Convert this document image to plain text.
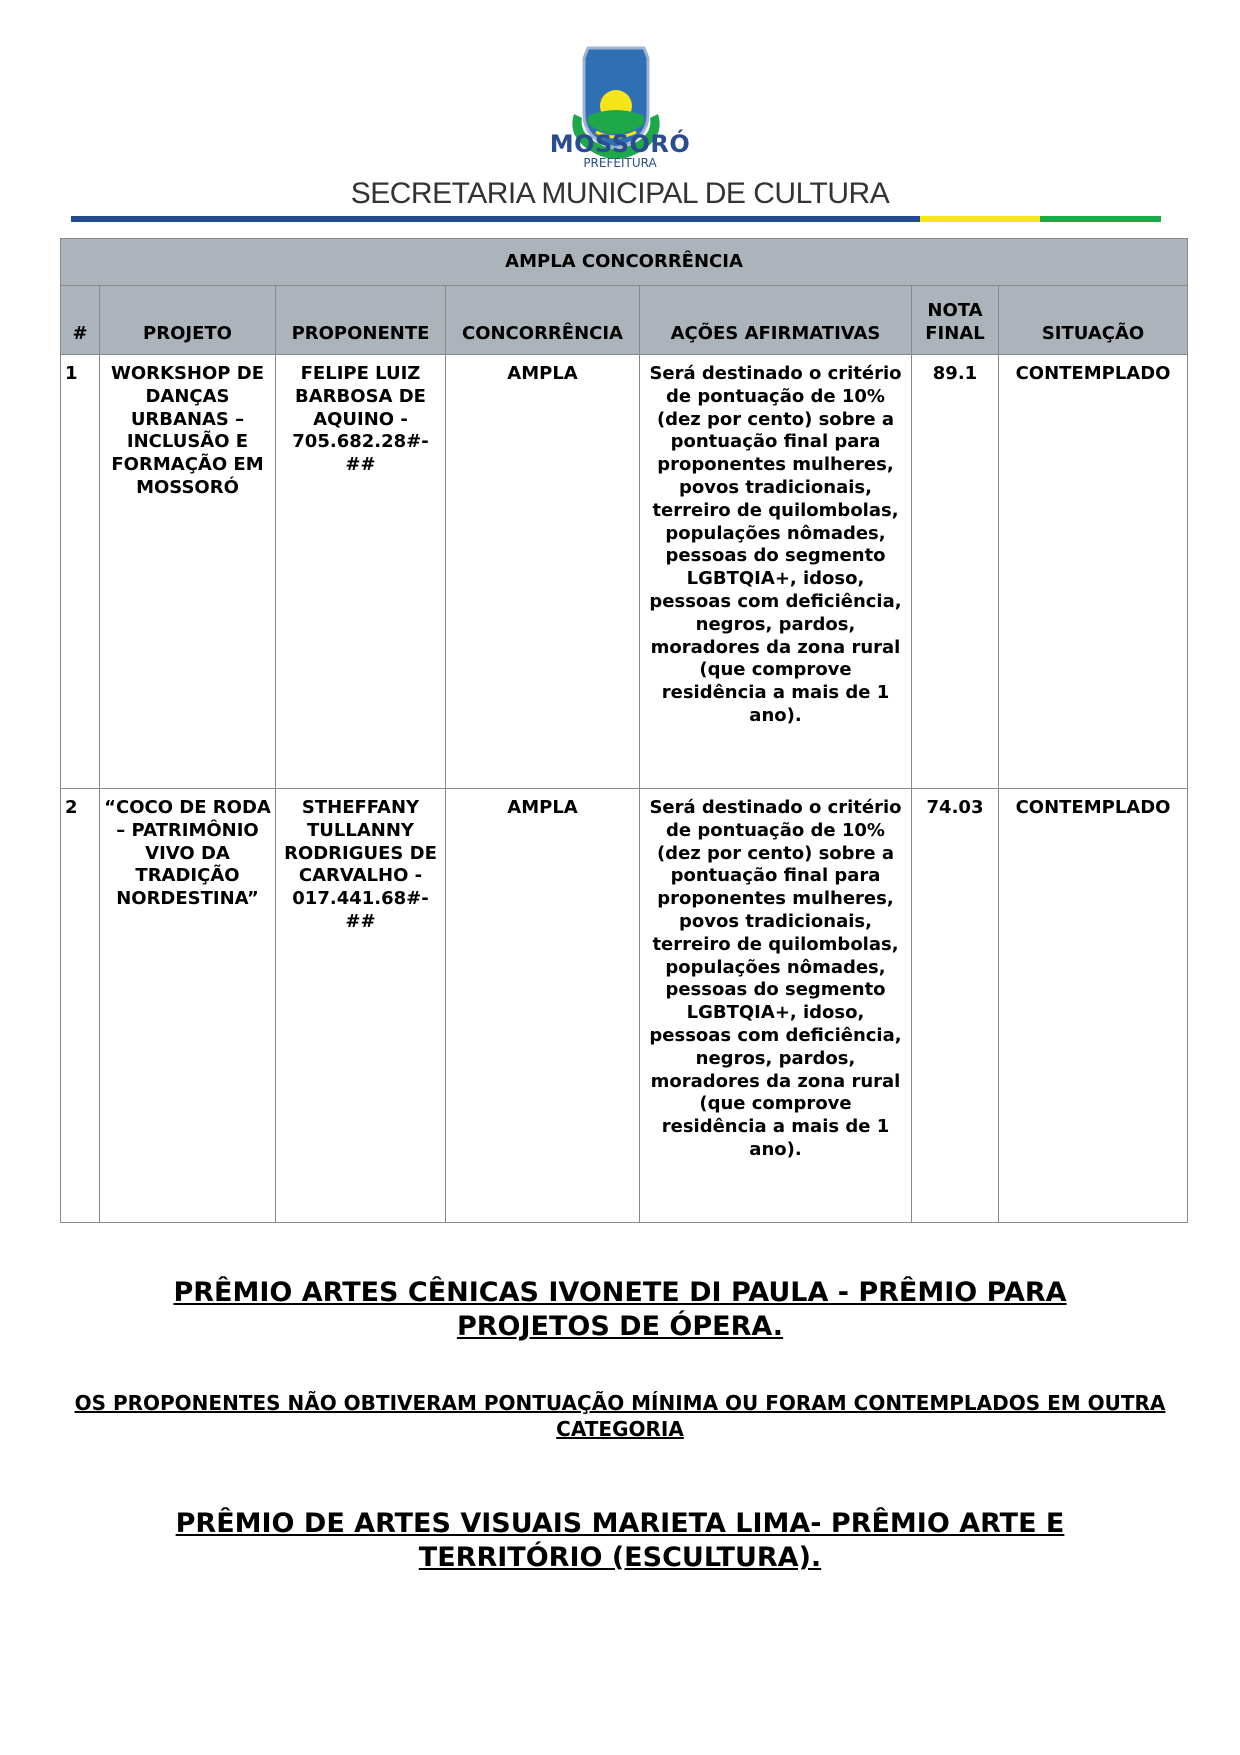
MOSSORÓ
PREFEITURA
SECRETARIA MUNICIPAL DE CULTURA
AMPLA CONCORRÊNCIA						
#	PROJETO	PROPONENTE	CONCORRÊNCIA	AÇÕES AFIRMATIVAS	NOTA FINAL	SITUAÇÃO
1	WORKSHOP DE DANÇAS URBANAS – INCLUSÃO E FORMAÇÃO EM MOSSORÓ	FELIPE LUIZ BARBOSA DE AQUINO - 705.682.28#-##	AMPLA	Será destinado o critério de pontuação de 10% (dez por cento) sobre a pontuação final para proponentes mulheres, povos tradicionais, terreiro de quilombolas, populações nômades, pessoas do segmento LGBTQIA+, idoso, pessoas com deficiência, negros, pardos, moradores da zona rural (que comprove residência a mais de 1 ano).	89.1	CONTEMPLADO
2	“COCO DE RODA – PATRIMÔNIO VIVO DA TRADIÇÃO NORDESTINA”	STHEFFANY TULLANNY RODRIGUES DE CARVALHO - 017.441.68#-##	AMPLA	Será destinado o critério de pontuação de 10% (dez por cento) sobre a pontuação final para proponentes mulheres, povos tradicionais, terreiro de quilombolas, populações nômades, pessoas do segmento LGBTQIA+, idoso, pessoas com deficiência, negros, pardos, moradores da zona rural (que comprove residência a mais de 1 ano).	74.03	CONTEMPLADO
PRÊMIO ARTES CÊNICAS IVONETE DI PAULA - PRÊMIO PARA PROJETOS DE ÓPERA.
OS PROPONENTES NÃO OBTIVERAM PONTUAÇÃO MÍNIMA OU FORAM CONTEMPLADOS EM OUTRA CATEGORIA
PRÊMIO DE ARTES VISUAIS MARIETA LIMA- PRÊMIO ARTE E TERRITÓRIO (ESCULTURA).
